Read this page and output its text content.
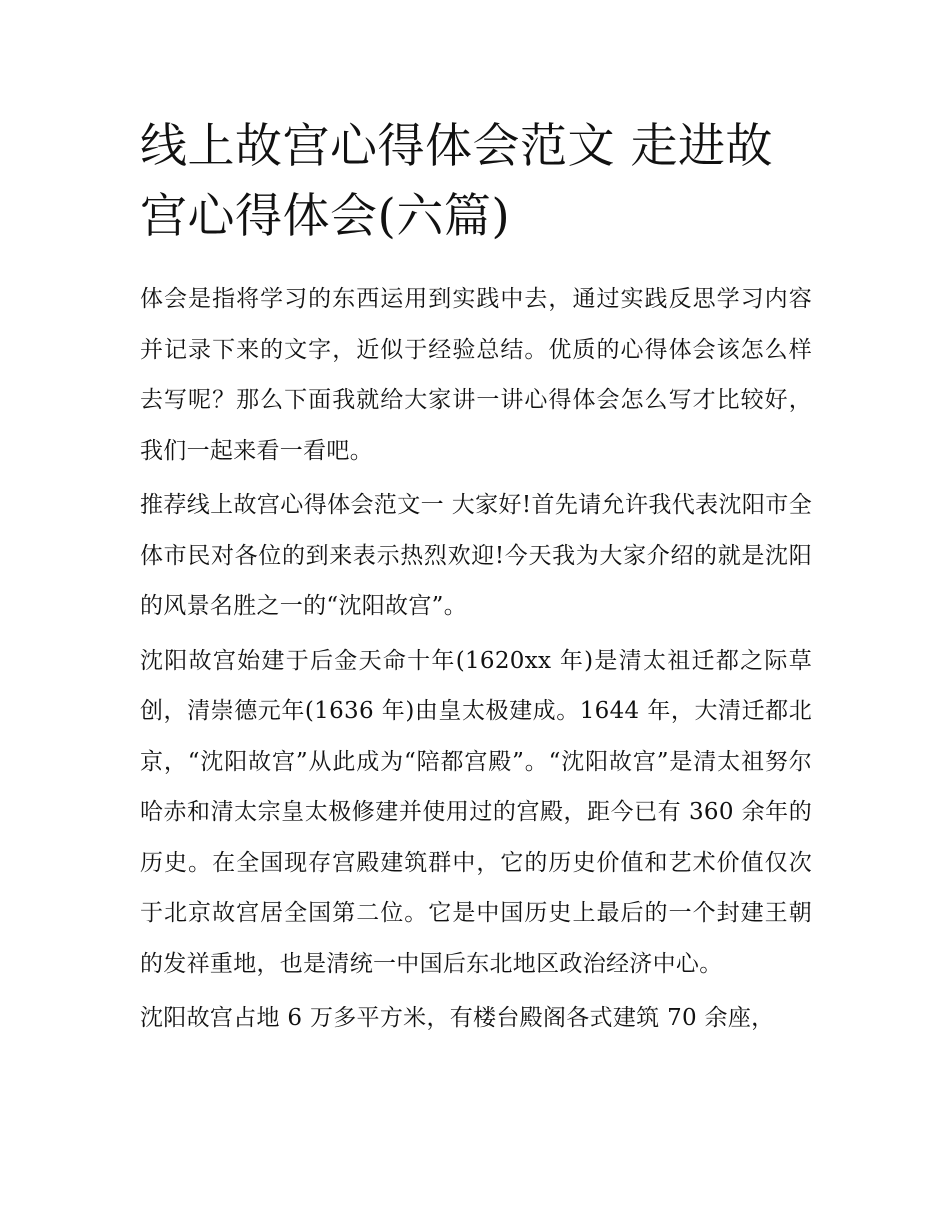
线上故宫心得体会范文 走进故宫心得体会(六篇)

体会是指将学习的东西运用到实践中去，通过实践反思学习内容并记录下来的文字，近似于经验总结。优质的心得体会该怎么样去写呢？那么下面我就给大家讲一讲心得体会怎么写才比较好，我们一起来看一看吧。

推荐线上故宫心得体会范文一 大家好!首先请允许我代表沈阳市全体市民对各位的到来表示热烈欢迎!今天我为大家介绍的就是沈阳的风景名胜之一的“沈阳故宫”。

沈阳故宫始建于后金天命十年(1620xx 年)是清太祖迁都之际草创，清崇德元年(1636 年)由皇太极建成。1644 年，大清迁都北京，“沈阳故宫”从此成为“陪都宫殿”。“沈阳故宫”是清太祖努尔哈赤和清太宗皇太极修建并使用过的宫殿，距今已有 360 余年的历史。在全国现存宫殿建筑群中，它的历史价值和艺术价值仅次于北京故宫居全国第二位。它是中国历史上最后的一个封建王朝的发祥重地，也是清统一中国后东北地区政治经济中心。

沈阳故宫占地 6 万多平方米，有楼台殿阁各式建筑 70 余座，
